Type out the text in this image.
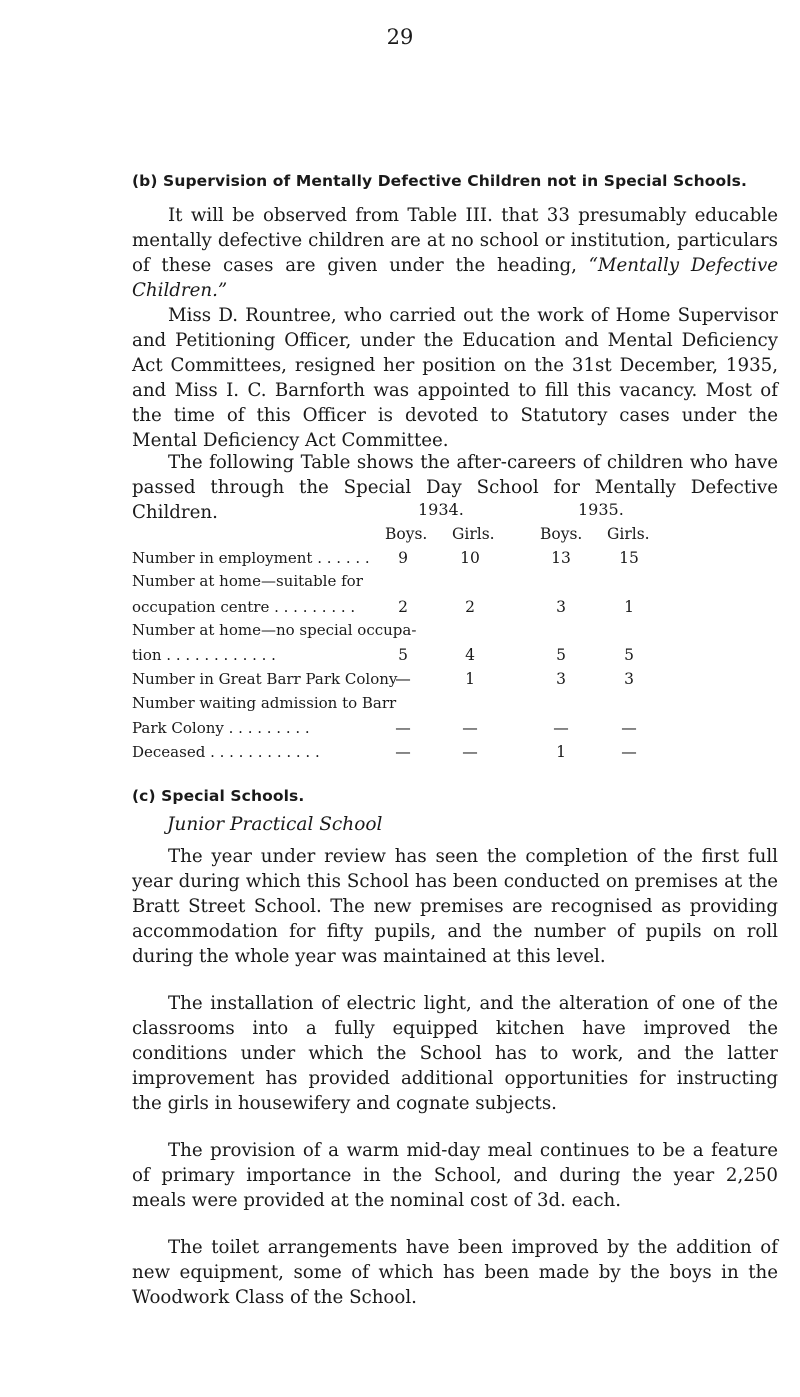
29
(b) Supervision of Mentally Defective Children not in Special Schools.

It will be observed from Table III. that 33 presumably educable mentally defective children are at no school or institution, particulars of these cases are given under the heading, “Mentally Defective Children.”

Miss D. Rountree, who carried out the work of Home Supervisor and Petitioning Officer, under the Education and Mental Deficiency Act Committees, resigned her position on the 31st December, 1935, and Miss I. C. Barnforth was appointed to fill this vacancy. Most of the time of this Officer is devoted to Statutory cases under the Mental Deficiency Act Committee.

The following Table shows the after-careers of children who have passed through the Special Day School for Mentally Defective Children.	1934.	1935.
Boys. Girls.	Boys. Girls.
Number in employment . . . . . .	9	10	13	15
Number at home—suitable for
occupation centre . . . . . . . . .	2	2	3	1
Number at home—no special occupa-
tion . . . . . . . . . . . .	5	4	5	5
Number in Great Barr Park Colony
—	1	3	3
Number waiting admission to Barr
Park Colony . . . . . . . . .	—	—	—	—
Deceased . . . . . . . . . . . .	—	—	1	—
(c) Special Schools.
Junior Practical School

The year under review has seen the completion of the first full year during which this School has been conducted on premises at the Bratt Street School. The new premises are recognised as providing accommodation for fifty pupils, and the number of pupils on roll during the whole year was maintained at this level.

The installation of electric light, and the alteration of one of the classrooms into a fully equipped kitchen have improved the conditions under which the School has to work, and the latter improvement has provided additional opportunities for instructing the girls in housewifery and cognate subjects.

The provision of a warm mid-day meal continues to be a feature of primary importance in the School, and during the year 2,250 meals were provided at the nominal cost of 3d. each.

The toilet arrangements have been improved by the addition of new equipment, some of which has been made by the boys in the Woodwork Class of the School.
